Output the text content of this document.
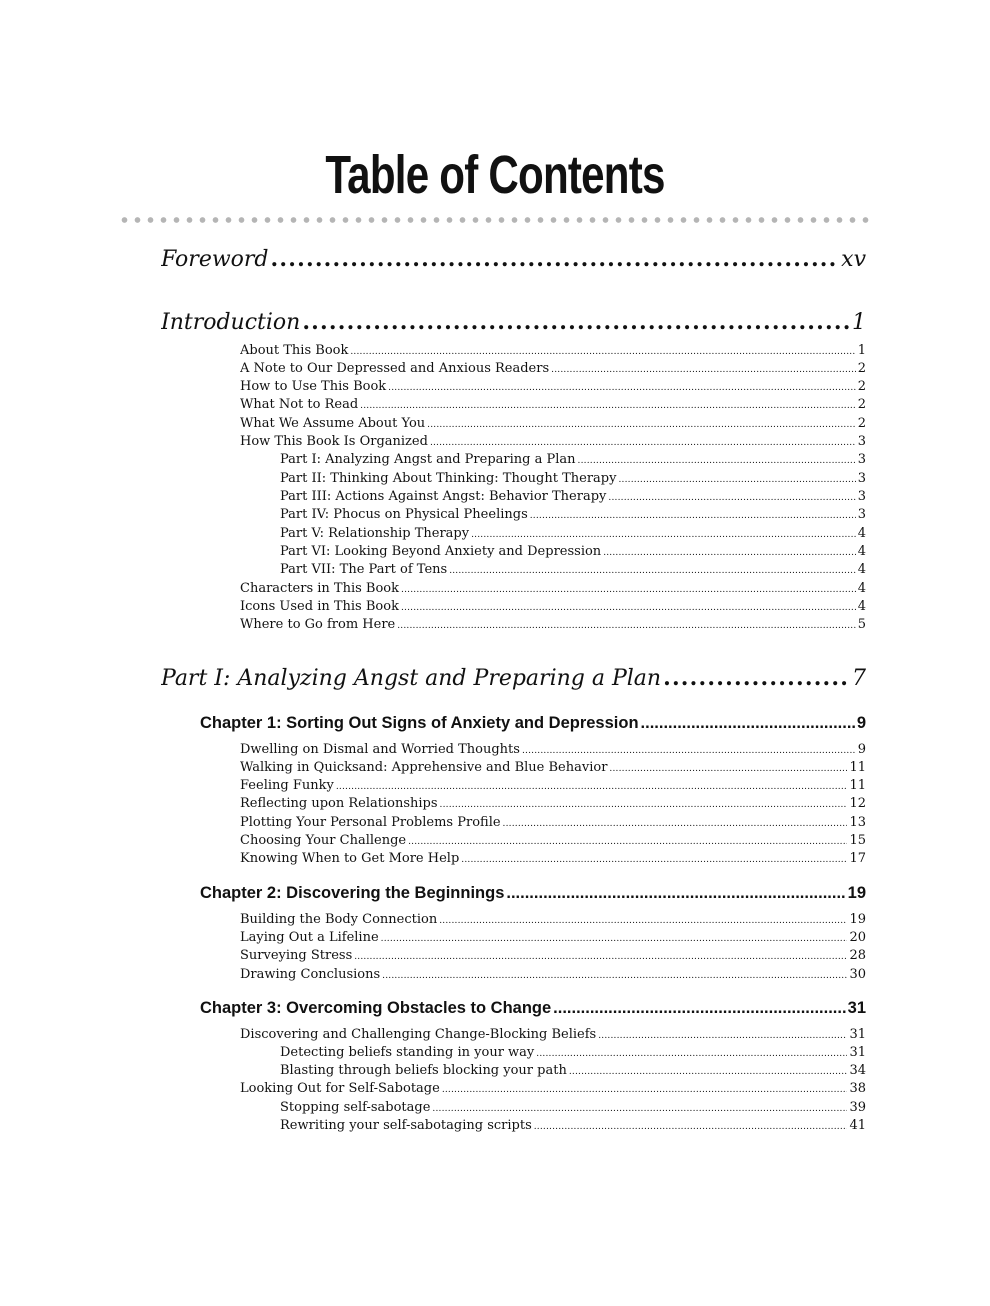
Table of Contents
Foreword .....	xv
Introduction .....	1
About This Book .....	1
A Note to Our Depressed and Anxious Readers .....	2
How to Use This Book .....	2
What Not to Read .....	2
What We Assume About You .....	2
How This Book Is Organized .....	3
Part I: Analyzing Angst and Preparing a Plan .....	3
Part II: Thinking About Thinking: Thought Therapy .....	3
Part III: Actions Against Angst: Behavior Therapy .....	3
Part IV: Phocus on Physical Pheelings .....	3
Part V: Relationship Therapy .....	4
Part VI: Looking Beyond Anxiety and Depression .....	4
Part VII: The Part of Tens .....	4
Characters in This Book .....	4
Icons Used in This Book .....	4
Where to Go from Here .....	5
Part I: Analyzing Angst and Preparing a Plan .....	7
Chapter 1: Sorting Out Signs of Anxiety and Depression .....	9
Dwelling on Dismal and Worried Thoughts .....	9
Walking in Quicksand: Apprehensive and Blue Behavior .....	11
Feeling Funky .....	11
Reflecting upon Relationships .....	12
Plotting Your Personal Problems Profile .....	13
Choosing Your Challenge .....	15
Knowing When to Get More Help .....	17
Chapter 2: Discovering the Beginnings .....	19
Building the Body Connection .....	19
Laying Out a Lifeline .....	20
Surveying Stress .....	28
Drawing Conclusions .....	30
Chapter 3: Overcoming Obstacles to Change .....	31
Discovering and Challenging Change-Blocking Beliefs .....	31
Detecting beliefs standing in your way .....	31
Blasting through beliefs blocking your path .....	34
Looking Out for Self-Sabotage .....	38
Stopping self-sabotage .....	39
Rewriting your self-sabotaging scripts .....	41
